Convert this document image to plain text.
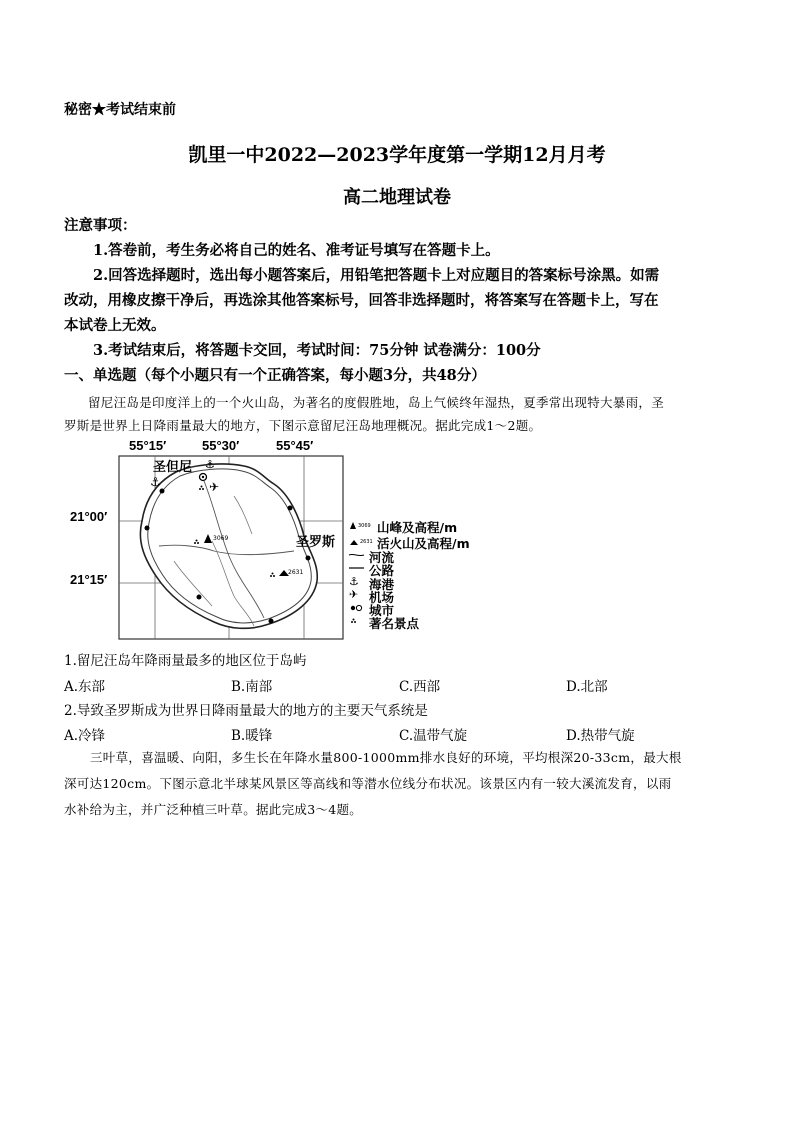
秘密★考试结束前
凯里一中2022—2023学年度第一学期12月月考
高二地理试卷
注意事项：
1.答卷前，考生务必将自己的姓名、准考证号填写在答题卡上。
2.回答选择题时，选出每小题答案后，用铅笔把答题卡上对应题目的答案标号涂黑。如需
改动，用橡皮擦干净后，再选涂其他答案标号，回答非选择题时，将答案写在答题卡上，写在
本试卷上无效。
3.考试结束后，将答题卡交回，考试时间：75分钟 试卷满分：100分
一、单选题（每个小题只有一个正确答案，每小题3分，共48分）
留尼汪岛是印度洋上的一个火山岛，为著名的度假胜地，岛上气候终年湿热，夏季常出现特大暴雨，圣
罗斯是世界上日降雨量最大的地方，下图示意留尼汪岛地理概况。据此完成1～2题。
55°15′	55°30′	55°45′
21°00′
21°15′
⚓
⚓
✈
⚓
✈
圣但尼
圣罗斯
3069
2631
3069
2631
山峰及高程/m
活火山及高程/m
河流
公路
海港
机场
城市
著名景点
1.留尼汪岛年降雨量最多的地区位于岛屿
A.东部	B.南部	C.西部	D.北部
2.导致圣罗斯成为世界日降雨量最大的地方的主要天气系统是
A.冷锋	B.暖锋	C.温带气旋	D.热带气旋
三叶草，喜温暖、向阳，多生长在年降水量800-1000mm排水良好的环境，平均根深20-33cm，最大根
深可达120cm。下图示意北半球某风景区等高线和等潜水位线分布状况。该景区内有一较大溪流发育，以雨
水补给为主，并广泛种植三叶草。据此完成3～4题。
